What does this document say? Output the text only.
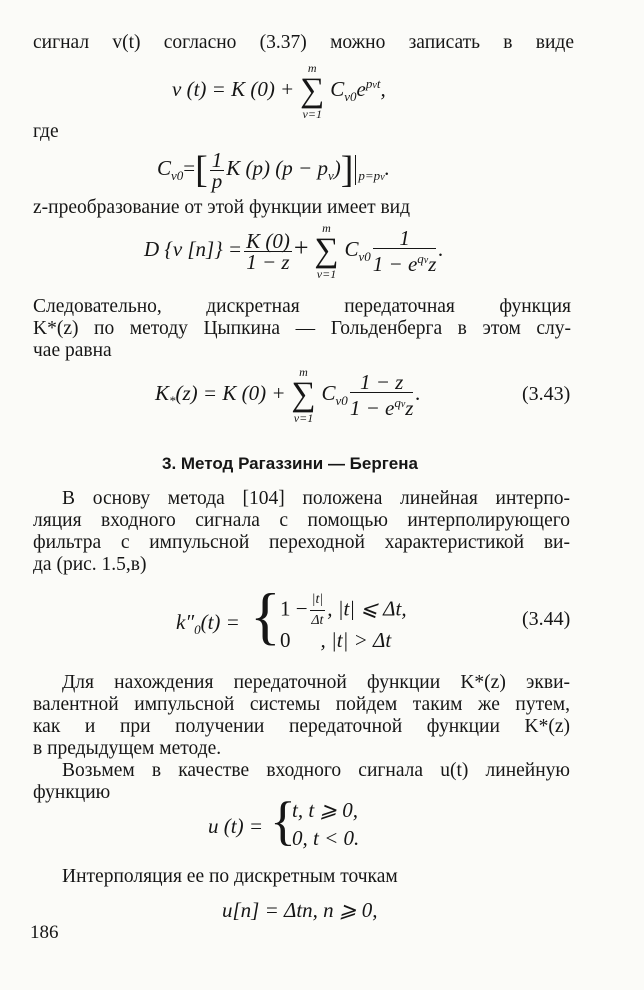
сигнал v(t) согласно (3.37) можно записать в виде
v (t) = K (0) +
m
∑
ν=1
$C_{\nu 0}e^{p\nu t}$,
где
$C_{\nu 0}=[ \frac{1}{p}$ K (p) $(p - p_\nu)$] $_{p=p\nu}$.
z-преобразование от этой функции имеет вид
D {v $[n]\} = \frac{K (0)}{1 - z}$ +
m
∑
ν=1
$C_{\nu 0} \frac{1}{1 - e^{q\nu}z}$ .
Следовательно, дискретная передаточная функция
K*(z) по методу Цыпкина — Гольденберга в этом слу-
чае равна
$K_*(z) = K$ (0) +
m
∑
ν=1
$C_{\nu 0} \frac{1 - z}{1 - e^{q\nu}z}$ .	(3.43)
3. Метод Рагаззини — Бергена
В основу метода [104] положена линейная интерпо-
ляция входного сигнала с помощью интерполирующего
фильтра с импульсной переходной характеристикой ви-
да (рис. 1.5,в)
$k''_0(t)$ = { $1 - \frac{|t|}{\Delta t}$ , |t| ⩽ Δt,
0 , |t| > Δt
(3.44)
Для нахождения передаточной функции K*(z) экви-
валентной импульсной системы пойдем таким же путем,
как и при получении передаточной функции K*(z)
в предыдущем методе.
Возьмем в качестве входного сигнала u(t) линейную
функцию
u (t) = {
t, t ⩾ 0,
0, t < 0.
Интерполяция ее по дискретным точкам
u[n] = Δtn, n ⩾ 0,
186
